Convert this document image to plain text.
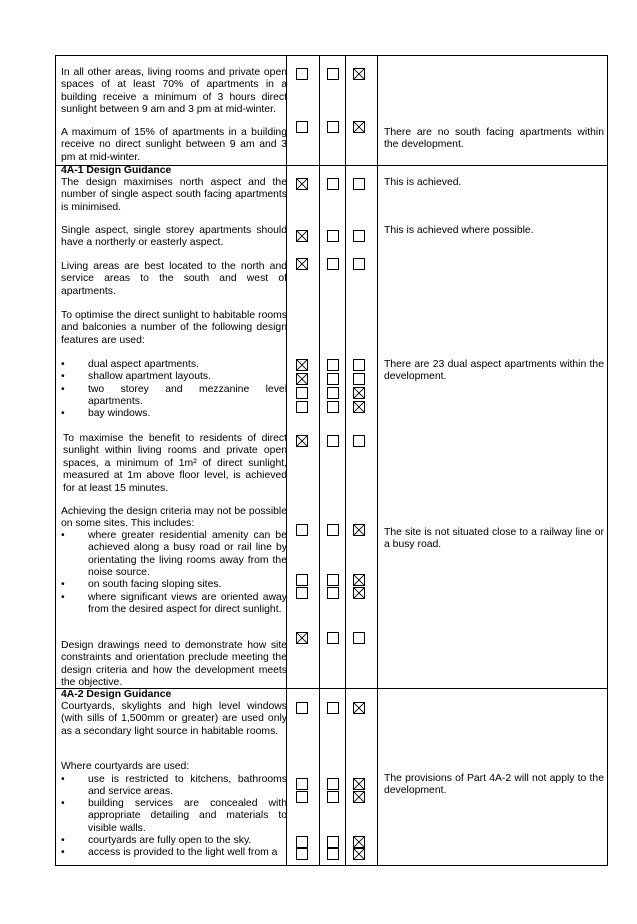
In all other areas, living rooms and private open spaces of at least 70% of apartments in a building receive a minimum of 3 hours direct sunlight between 9 am and 3 pm at mid-winter.
A maximum of 15% of apartments in a building receive no direct sunlight between 9 am and 3 pm at mid-winter.
There are no south facing apartments within the development.
4A-1 Design Guidance
The design maximises north aspect and the number of single aspect south facing apartments is minimised.
This is achieved.
Single aspect, single storey apartments should have a northerly or easterly aspect.
This is achieved where possible.
Living areas are best located to the north and service areas to the south and west of apartments.
To optimise the direct sunlight to habitable rooms and balconies a number of the following design features are used:
• dual aspect apartments.
• shallow apartment layouts.
• two storey and mezzanine level apartments.
• bay windows.
There are 23 dual aspect apartments within the development.
To maximise the benefit to residents of direct sunlight within living rooms and private open spaces, a minimum of 1m² of direct sunlight, measured at 1m above floor level, is achieved for at least 15 minutes.
Achieving the design criteria may not be possible on some sites. This includes:
• where greater residential amenity can be achieved along a busy road or rail line by orientating the living rooms away from the noise source.
• on south facing sloping sites.
• where significant views are oriented away from the desired aspect for direct sunlight.
The site is not situated close to a railway line or a busy road.
Design drawings need to demonstrate how site constraints and orientation preclude meeting the design criteria and how the development meets the objective.
4A-2 Design Guidance
Courtyards, skylights and high level windows (with sills of 1,500mm or greater) are used only as a secondary light source in habitable rooms.
Where courtyards are used:
• use is restricted to kitchens, bathrooms and service areas.
• building services are concealed with appropriate detailing and materials to visible walls.
• courtyards are fully open to the sky.
• access is provided to the light well from a
The provisions of Part 4A-2 will not apply to the development.
